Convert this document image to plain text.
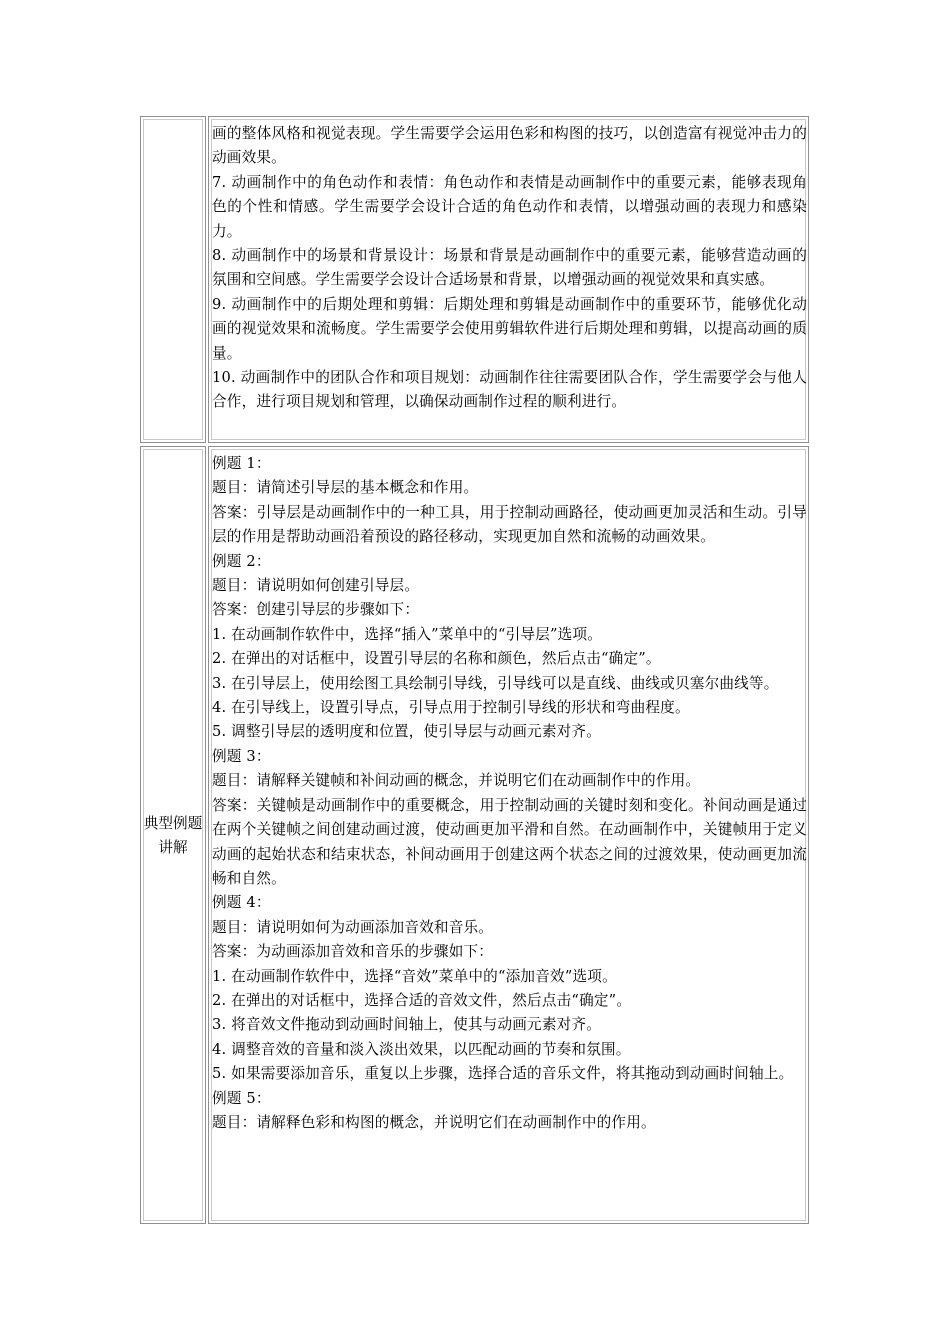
画的整体风格和视觉表现。学生需要学会运用色彩和构图的技巧，以创造富有视觉冲击力的动画效果。

7. 动画制作中的角色动作和表情：角色动作和表情是动画制作中的重要元素，能够表现角色的个性和情感。学生需要学会设计合适的角色动作和表情，以增强动画的表现力和感染力。

8. 动画制作中的场景和背景设计：场景和背景是动画制作中的重要元素，能够营造动画的氛围和空间感。学生需要学会设计合适场景和背景，以增强动画的视觉效果和真实感。

9. 动画制作中的后期处理和剪辑：后期处理和剪辑是动画制作中的重要环节，能够优化动画的视觉效果和流畅度。学生需要学会使用剪辑软件进行后期处理和剪辑，以提高动画的质量。

10. 动画制作中的团队合作和项目规划：动画制作往往需要团队合作，学生需要学会与他人合作，进行项目规划和管理，以确保动画制作过程的顺利进行。

典型例题讲解

例题 1：

题目：请简述引导层的基本概念和作用。

答案：引导层是动画制作中的一种工具，用于控制动画路径，使动画更加灵活和生动。引导层的作用是帮助动画沿着预设的路径移动，实现更加自然和流畅的动画效果。

例题 2：

题目：请说明如何创建引导层。

答案：创建引导层的步骤如下：

1. 在动画制作软件中，选择“插入”菜单中的“引导层”选项。

2. 在弹出的对话框中，设置引导层的名称和颜色，然后点击“确定”。

3. 在引导层上，使用绘图工具绘制引导线，引导线可以是直线、曲线或贝塞尔曲线等。

4. 在引导线上，设置引导点，引导点用于控制引导线的形状和弯曲程度。

5. 调整引导层的透明度和位置，使引导层与动画元素对齐。

例题 3：

题目：请解释关键帧和补间动画的概念，并说明它们在动画制作中的作用。

答案：关键帧是动画制作中的重要概念，用于控制动画的关键时刻和变化。补间动画是通过在两个关键帧之间创建动画过渡，使动画更加平滑和自然。在动画制作中，关键帧用于定义动画的起始状态和结束状态，补间动画用于创建这两个状态之间的过渡效果，使动画更加流畅和自然。

例题 4：

题目：请说明如何为动画添加音效和音乐。

答案：为动画添加音效和音乐的步骤如下：

1. 在动画制作软件中，选择“音效”菜单中的“添加音效”选项。

2. 在弹出的对话框中，选择合适的音效文件，然后点击“确定”。

3. 将音效文件拖动到动画时间轴上，使其与动画元素对齐。

4. 调整音效的音量和淡入淡出效果，以匹配动画的节奏和氛围。

5. 如果需要添加音乐，重复以上步骤，选择合适的音乐文件，将其拖动到动画时间轴上。

例题 5：

题目：请解释色彩和构图的概念，并说明它们在动画制作中的作用。
